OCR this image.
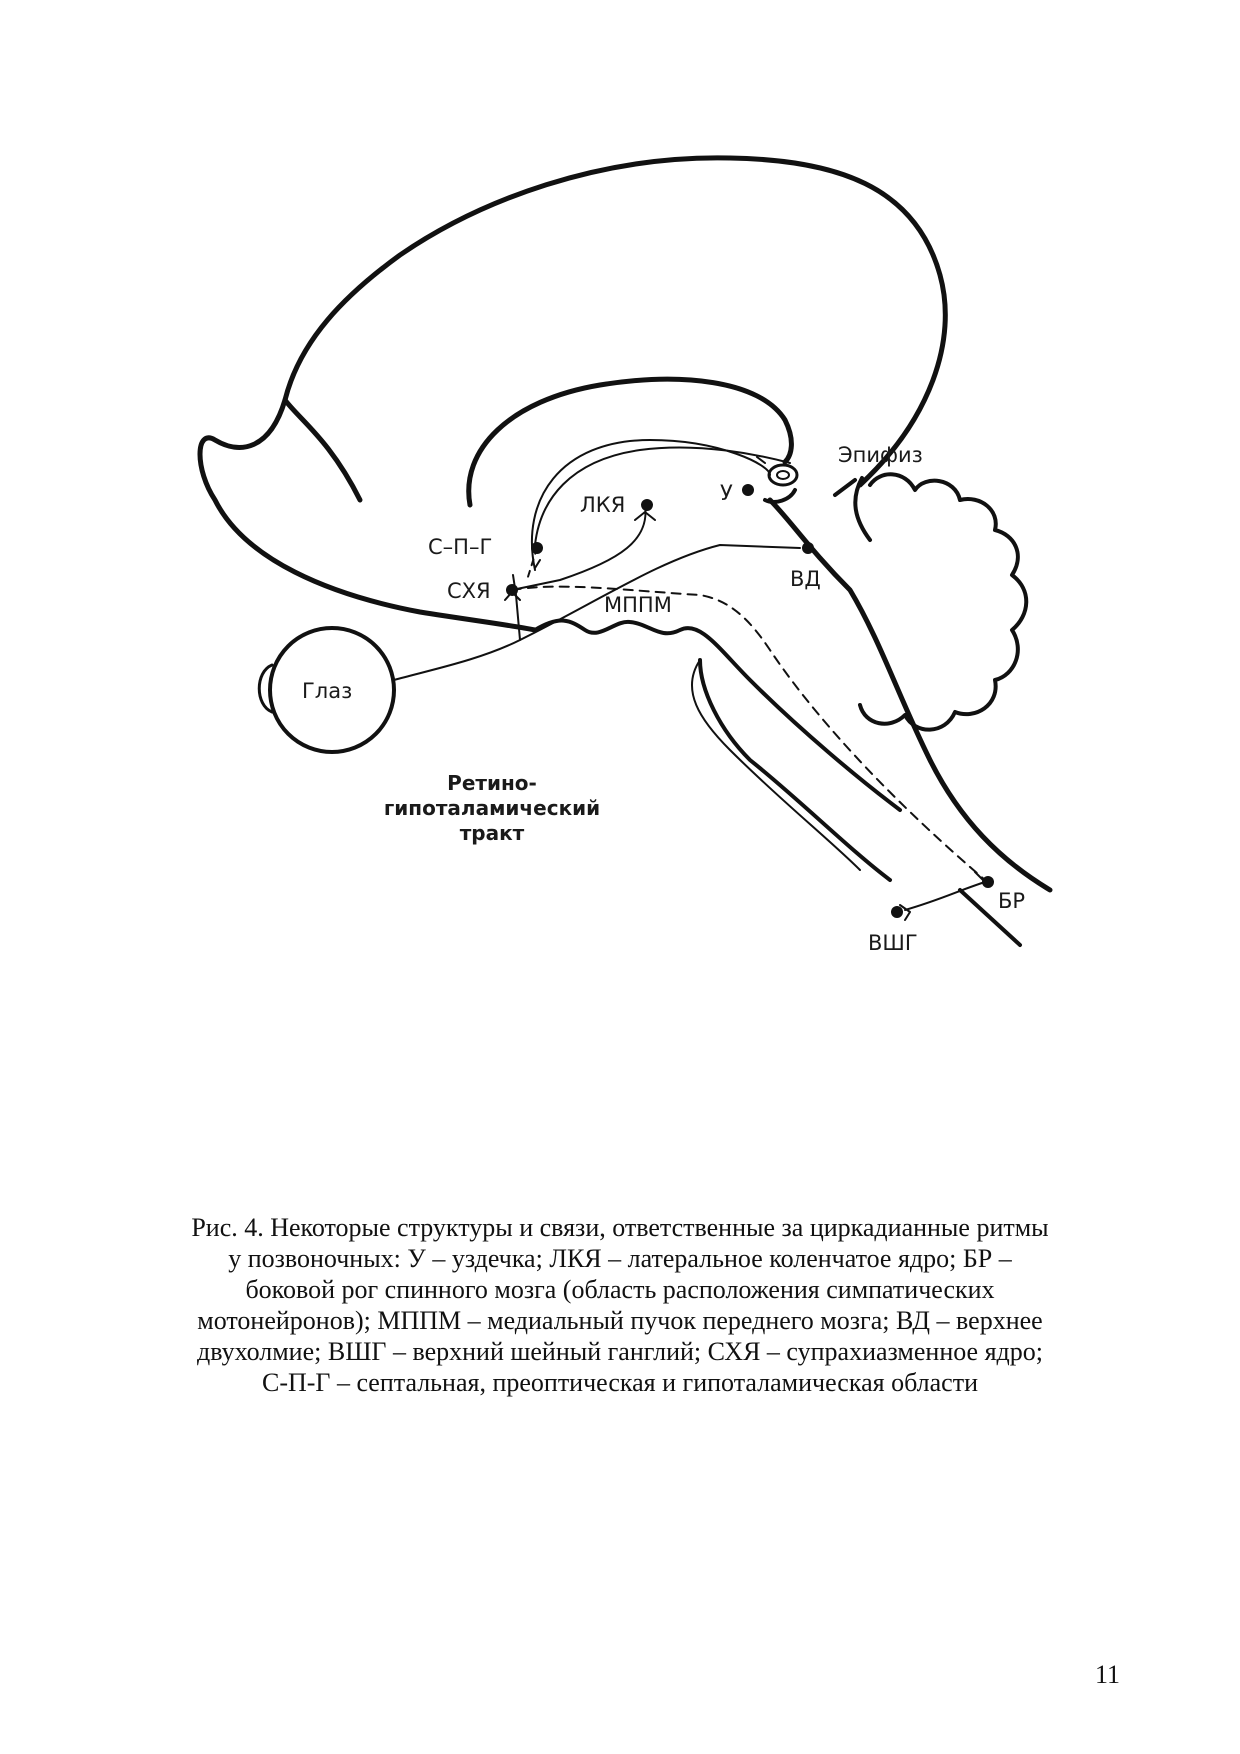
С–П–Г
ЛКЯ	У
Эпифиз
ВД
СХЯ
МППМ
Глаз
БР
ВШГ
Ретино-
гипоталамический
тракт
Рис. 4. Некоторые структуры и связи, ответственные за циркадианные ритмы
у позвоночных: У – уздечка; ЛКЯ – латеральное коленчатое ядро; БР –
боковой рог спинного мозга (область расположения симпатических
мотонейронов); МППМ – медиальный пучок переднего мозга; ВД – верхнее
двухолмие; ВШГ – верхний шейный ганглий; СХЯ – супрахиазменное ядро;
С-П-Г – септальная, преоптическая и гипоталамическая области
11
